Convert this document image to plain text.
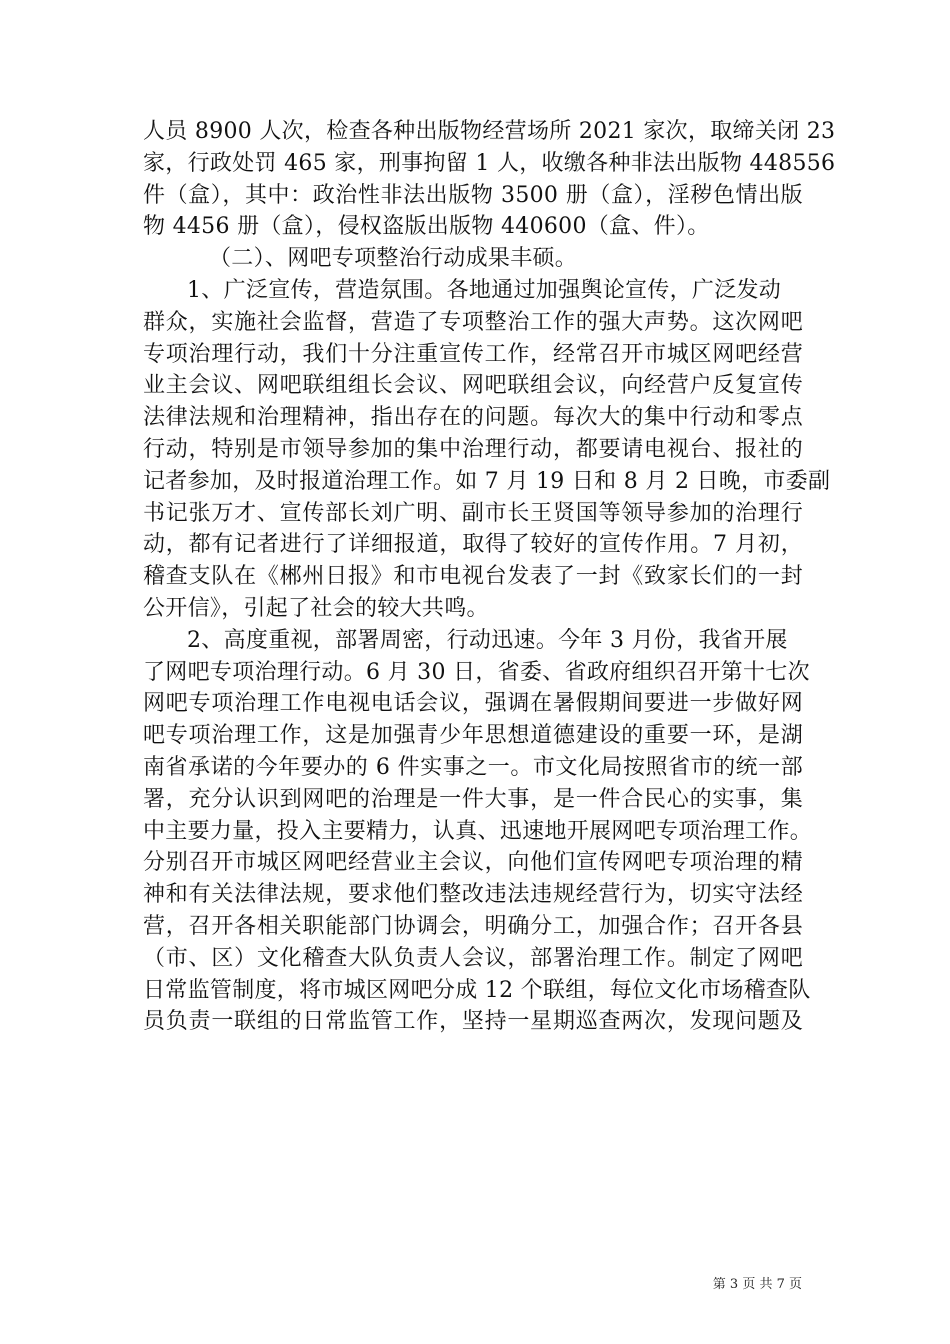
人员 8900 人次，检查各种出版物经营场所 2021 家次，取缔关闭 23
家，行政处罚 465 家，刑事拘留 1 人，收缴各种非法出版物 448556
件（盒），其中：政治性非法出版物 3500 册（盒），淫秽色情出版
物 4456 册（盒），侵权盗版出版物 440600（盒、件）。
（二）、网吧专项整治行动成果丰硕。
1、广泛宣传，营造氛围。各地通过加强舆论宣传，广泛发动
群众，实施社会监督，营造了专项整治工作的强大声势。这次网吧
专项治理行动，我们十分注重宣传工作，经常召开市城区网吧经营
业主会议、网吧联组组长会议、网吧联组会议，向经营户反复宣传
法律法规和治理精神，指出存在的问题。每次大的集中行动和零点
行动，特别是市领导参加的集中治理行动，都要请电视台、报社的
记者参加，及时报道治理工作。如 7 月 19 日和 8 月 2 日晚，市委副
书记张万才、宣传部长刘广明、副市长王贤国等领导参加的治理行
动，都有记者进行了详细报道，取得了较好的宣传作用。7 月初，
稽查支队在《郴州日报》和市电视台发表了一封《致家长们的一封
公开信》，引起了社会的较大共鸣。
2、高度重视，部署周密，行动迅速。今年 3 月份，我省开展
了网吧专项治理行动。6 月 30 日，省委、省政府组织召开第十七次
网吧专项治理工作电视电话会议，强调在暑假期间要进一步做好网
吧专项治理工作，这是加强青少年思想道德建设的重要一环，是湖
南省承诺的今年要办的 6 件实事之一。市文化局按照省市的统一部
署，充分认识到网吧的治理是一件大事，是一件合民心的实事，集
中主要力量，投入主要精力，认真、迅速地开展网吧专项治理工作。
分别召开市城区网吧经营业主会议，向他们宣传网吧专项治理的精
神和有关法律法规，要求他们整改违法违规经营行为，切实守法经
营，召开各相关职能部门协调会，明确分工，加强合作；召开各县
（市、区）文化稽查大队负责人会议，部署治理工作。制定了网吧
日常监管制度，将市城区网吧分成 12 个联组，每位文化市场稽查队
员负责一联组的日常监管工作，坚持一星期巡查两次，发现问题及
第 3 页 共 7 页
